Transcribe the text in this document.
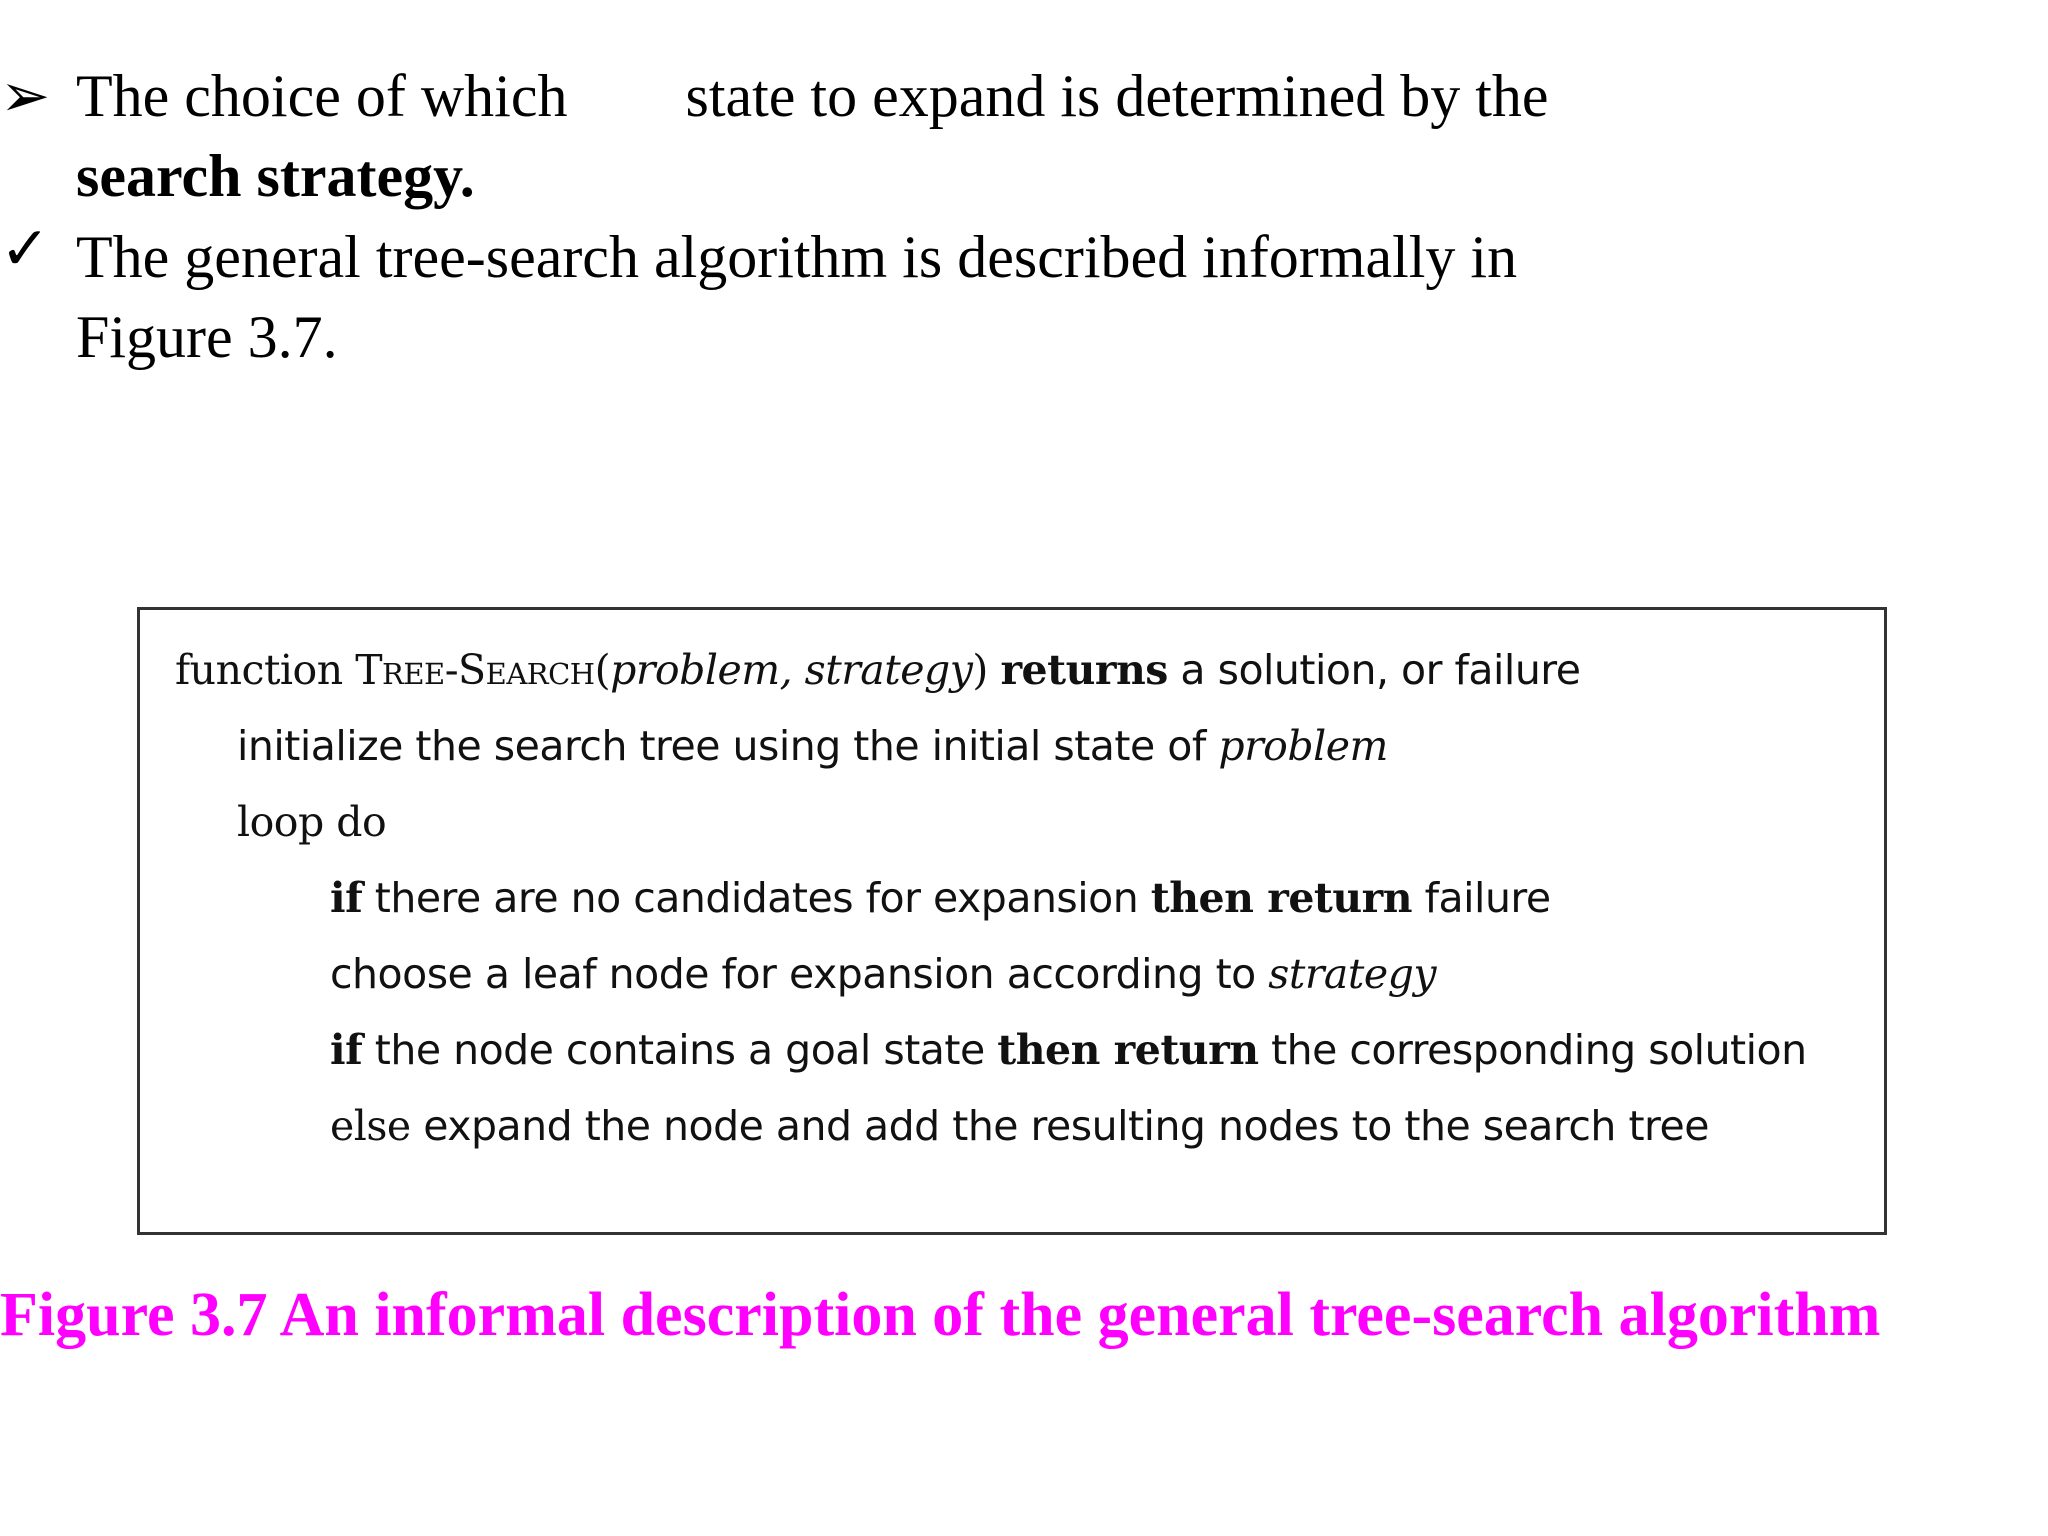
➢ The choice of which state to expand is determined by the
search strategy.
✓ The general tree-search algorithm is described informally in
Figure 3.7.
function Tree-Search(problem, strategy) returns a solution, or failure
initialize the search tree using the initial state of problem
loop do
if there are no candidates for expansion then return failure
choose a leaf node for expansion according to strategy
if the node contains a goal state then return the corresponding solution
else expand the node and add the resulting nodes to the search tree
Figure 3.7 An informal description of the general tree-search algorithm
